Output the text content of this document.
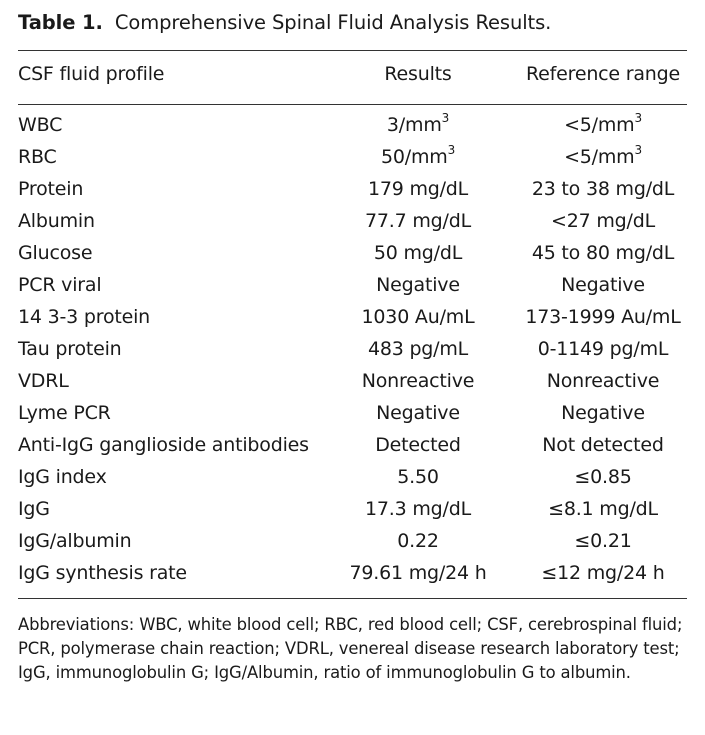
Table 1. Comprehensive Spinal Fluid Analysis Results.
CSF fluid profile	Results	Reference range
WBC	$3/mm^3$	$<5/mm^3$
RBC	$50/mm^3$	$<5/mm^3$
Protein	179 mg/dL	23 to 38 mg/dL
Albumin	77.7 mg/dL	<27 mg/dL
Glucose	50 mg/dL	45 to 80 mg/dL
PCR viral	Negative	Negative
14 3-3 protein	1030 Au/mL	173-1999 Au/mL
Tau protein	483 pg/mL	0-1149 pg/mL
VDRL	Nonreactive	Nonreactive
Lyme PCR	Negative	Negative
Anti-IgG ganglioside antibodies	Detected	Not detected
IgG index	5.50	≤0.85
IgG	17.3 mg/dL	≤8.1 mg/dL
IgG/albumin	0.22	≤0.21
IgG synthesis rate	79.61 mg/24 h	≤12 mg/24 h
Abbreviations: WBC, white blood cell; RBC, red blood cell; CSF, cerebrospinal fluid; PCR, polymerase chain reaction; VDRL, venereal disease research laboratory test; IgG, immunoglobulin G; IgG/Albumin, ratio of immunoglobulin G to albumin.
